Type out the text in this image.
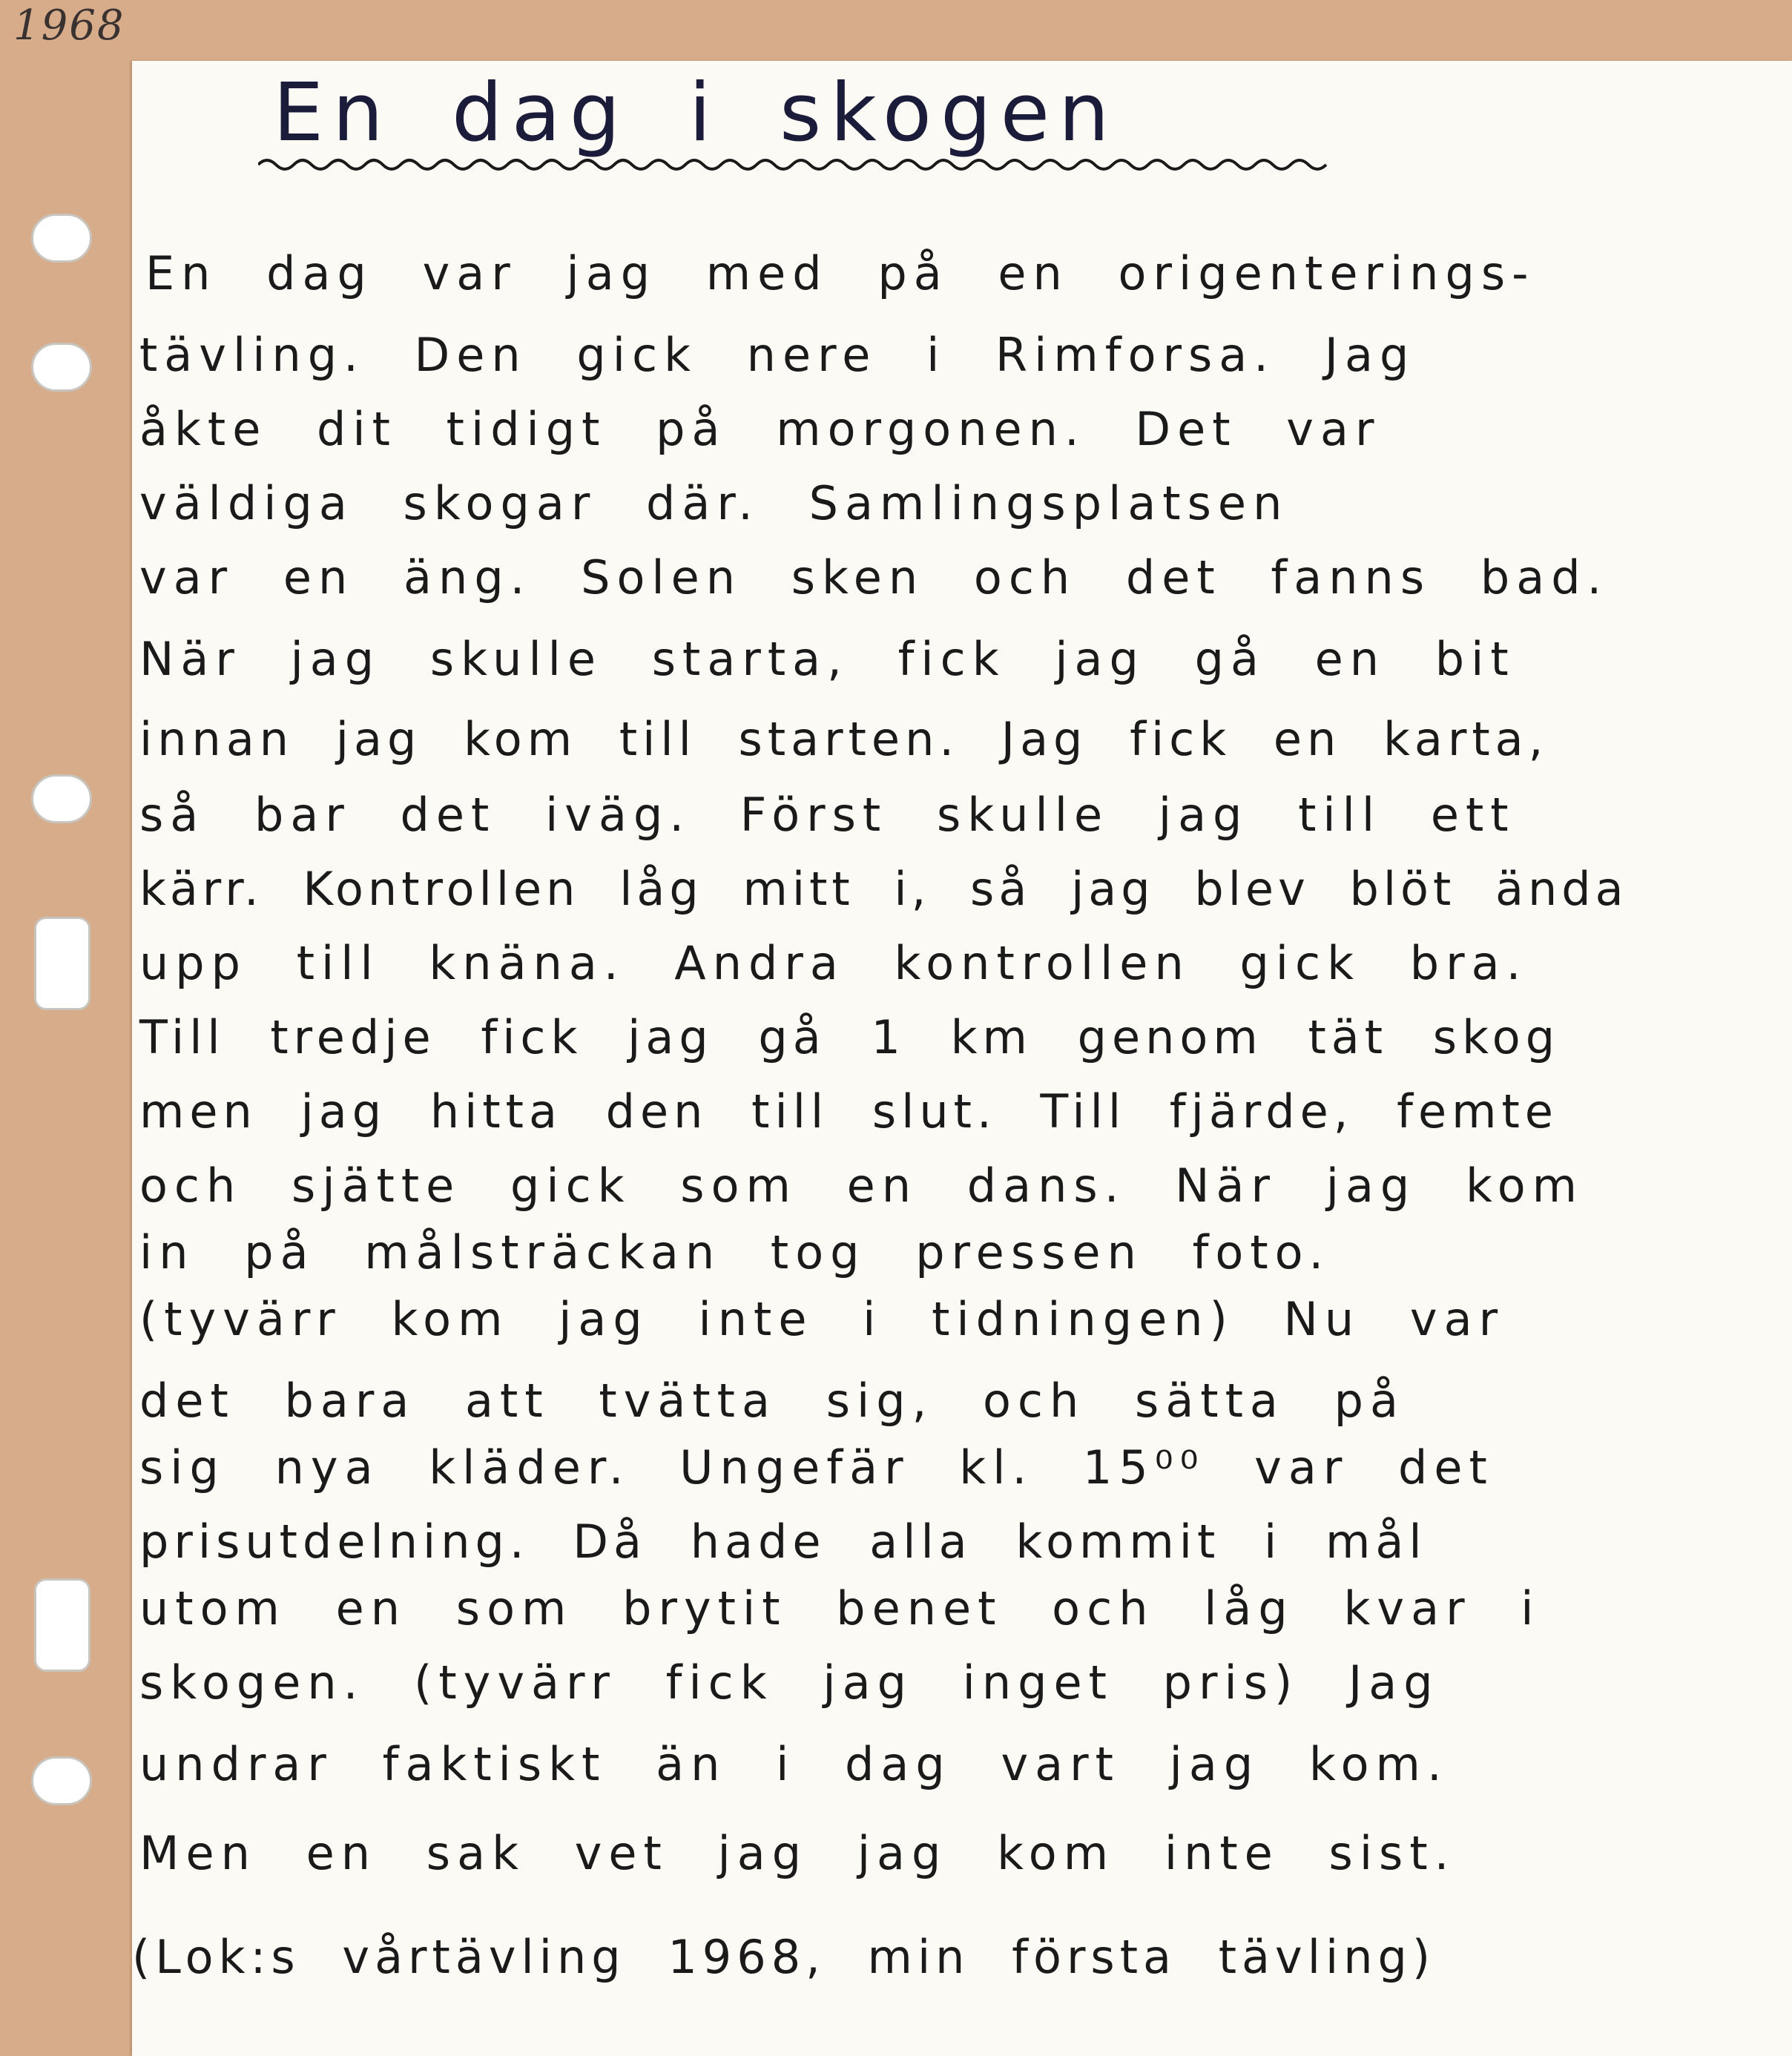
1968
En dag i skogen
En dag var jag med på en origenterings-
tävling. Den gick nere i Rimforsa. Jag
åkte dit tidigt på morgonen. Det var
väldiga skogar där. Samlingsplatsen
var en äng. Solen sken och det fanns bad.
När jag skulle starta, fick jag gå en bit
innan jag kom till starten. Jag fick en karta,
så bar det iväg. Först skulle jag till ett
kärr. Kontrollen låg mitt i, så jag blev blöt ända
upp till knäna. Andra kontrollen gick bra.
Till tredje fick jag gå 1 km genom tät skog
men jag hitta den till slut. Till fjärde, femte
och sjätte gick som en dans. När jag kom
in på målsträckan tog pressen foto.
(tyvärr kom jag inte i tidningen) Nu var
det bara att tvätta sig, och sätta på
sig nya kläder. Ungefär kl. 15⁰⁰ var det
prisutdelning. Då hade alla kommit i mål
utom en som brytit benet och låg kvar i
skogen. (tyvärr fick jag inget pris) Jag
undrar faktiskt än i dag vart jag kom.
Men en sak vet jag jag kom inte sist.
(Lok:s vårtävling 1968, min första tävling)
